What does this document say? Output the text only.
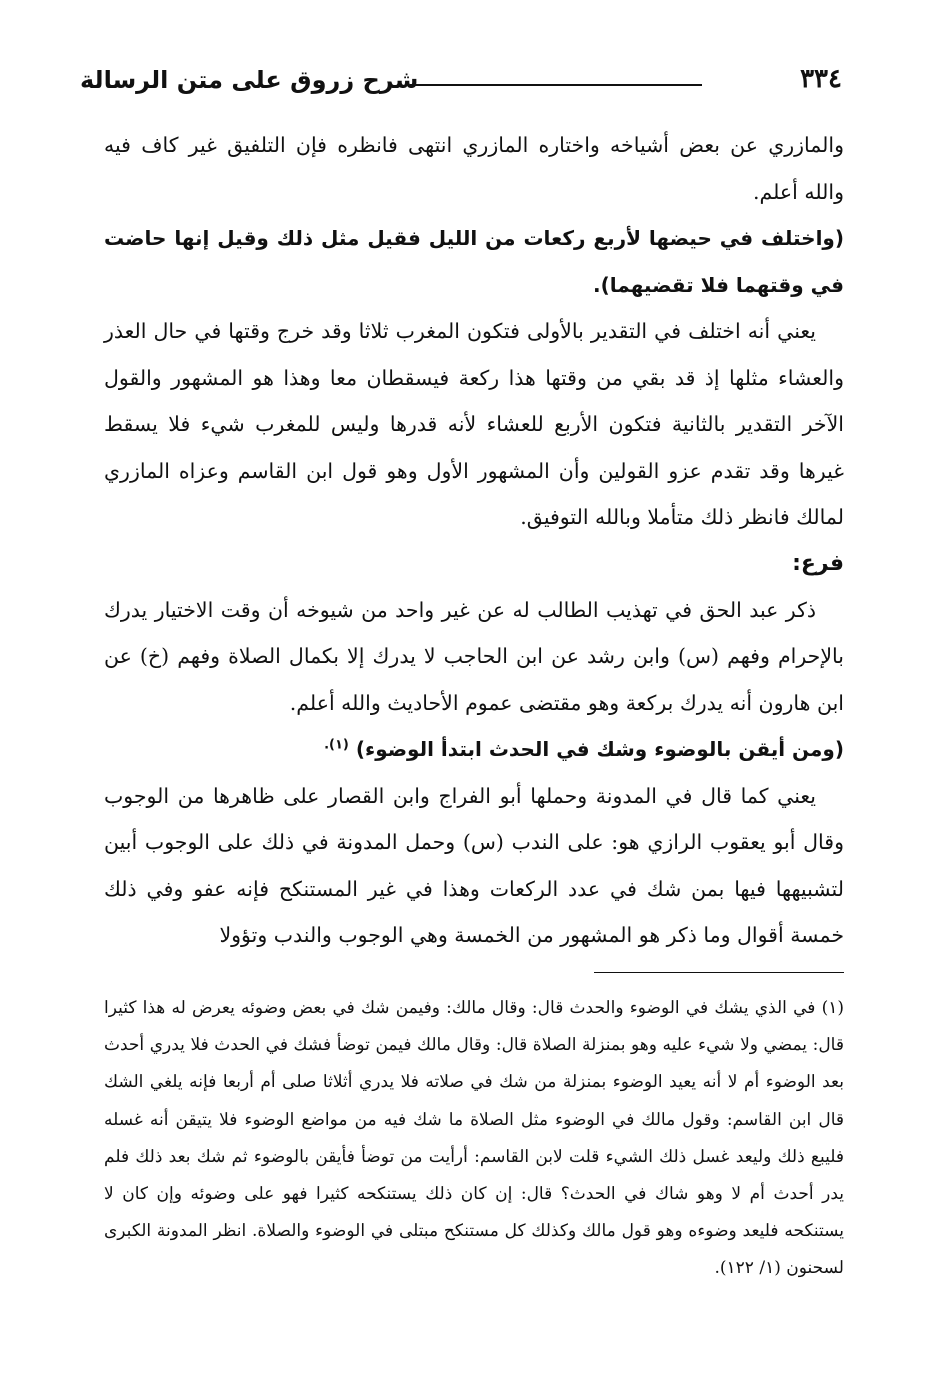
٣٣٤
شرح زروق على متن الرسالة

والمازري عن بعض أشياخه واختاره المازري انتهى فانظره فإن التلفيق غير كاف فيه والله أعلم.

(واختلف في حيضها لأربع ركعات من الليل فقيل مثل ذلك وقيل إنها حاضت في وقتهما فلا تقضيهما).

يعني أنه اختلف في التقدير بالأولى فتكون المغرب ثلاثا وقد خرج وقتها في حال العذر والعشاء مثلها إذ قد بقي من وقتها هذا ركعة فيسقطان معا وهذا هو المشهور والقول الآخر التقدير بالثانية فتكون الأربع للعشاء لأنه قدرها وليس للمغرب شيء فلا يسقط غيرها وقد تقدم عزو القولين وأن المشهور الأول وهو قول ابن القاسم وعزاه المازري لمالك فانظر ذلك متأملا وبالله التوفيق.

فرع:

ذكر عبد الحق في تهذيب الطالب له عن غير واحد من شيوخه أن وقت الاختيار يدرك بالإحرام وفهم (س) وابن رشد عن ابن الحاجب لا يدرك إلا بكمال الصلاة وفهم (خ) عن ابن هارون أنه يدرك بركعة وهو مقتضى عموم الأحاديث والله أعلم.

(ومن أيقن بالوضوء وشك في الحدث ابتدأ الوضوء) $^{(١).}$

يعني كما قال في المدونة وحملها أبو الفراج وابن القصار على ظاهرها من الوجوب وقال أبو يعقوب الرازي هو: على الندب (س) وحمل المدونة في ذلك على الوجوب أبين لتشبيهها فيها بمن شك في عدد الركعات وهذا في غير المستنكح فإنه عفو وفي ذلك خمسة أقوال وما ذكر هو المشهور من الخمسة وهي الوجوب والندب وتؤولا

(١) في الذي يشك في الوضوء والحدث قال: وقال مالك: وفيمن شك في بعض وضوئه يعرض له هذا كثيرا قال: يمضي ولا شيء عليه وهو بمنزلة الصلاة قال: وقال مالك فيمن توضأ فشك في الحدث فلا يدري أحدث بعد الوضوء أم لا أنه يعيد الوضوء بمنزلة من شك في صلاته فلا يدري أثلاثا صلى أم أربعا فإنه يلغي الشك قال ابن القاسم: وقول مالك في الوضوء مثل الصلاة ما شك فيه من مواضع الوضوء فلا يتيقن أنه غسله فليبع ذلك وليعد غسل ذلك الشيء قلت لابن القاسم: أرأيت من توضأ فأيقن بالوضوء ثم شك بعد ذلك فلم يدر أحدث أم لا وهو شاك في الحدث؟ قال: إن كان ذلك يستنكحه كثيرا فهو على وضوئه وإن كان لا يستنكحه فليعد وضوءه وهو قول مالك وكذلك كل مستنكح مبتلى في الوضوء والصلاة. انظر المدونة الكبرى لسحنون (١/ ١٢٢).
